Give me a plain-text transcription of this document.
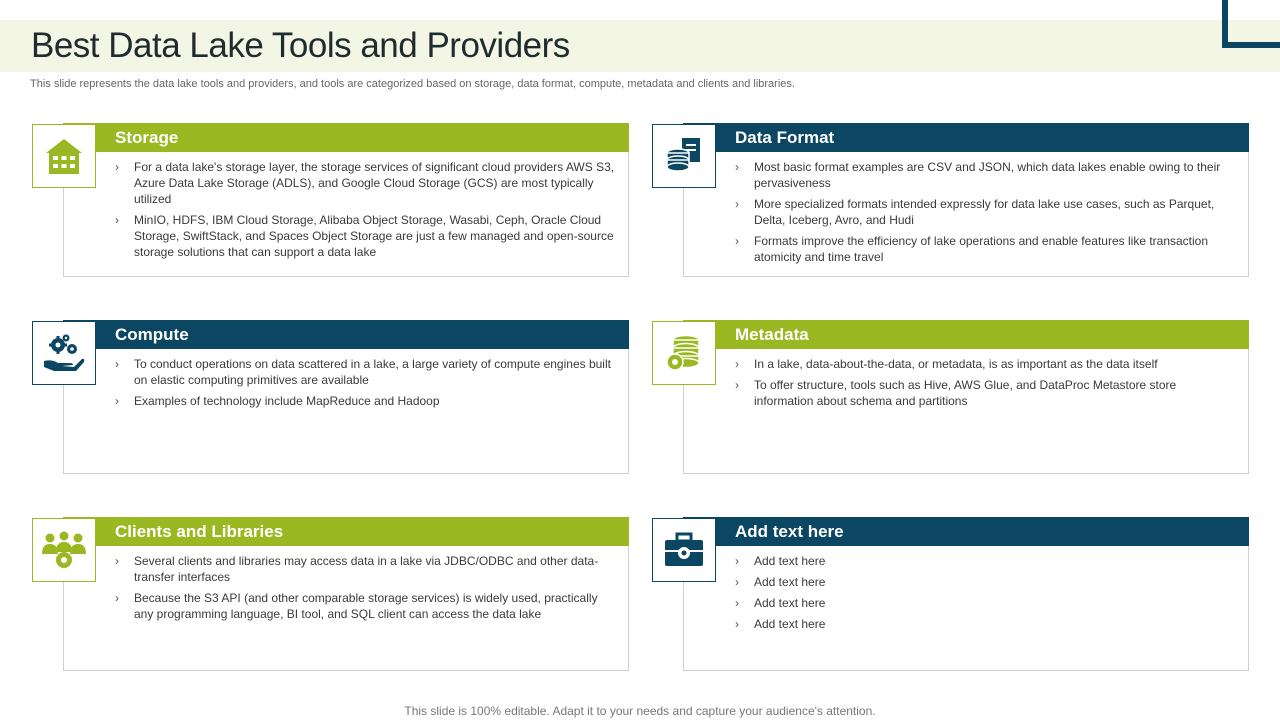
Best Data Lake Tools and Providers
This slide represents the data lake tools and providers, and tools are categorized based on storage, data format, compute, metadata and clients and libraries.
Storage
› For a data lake's storage layer, the storage services of significant cloud providers AWS S3, Azure Data Lake Storage (ADLS), and Google Cloud Storage (GCS) are most typically utilized
› MinIO, HDFS, IBM Cloud Storage, Alibaba Object Storage, Wasabi, Ceph, Oracle Cloud Storage, SwiftStack, and Spaces Object Storage are just a few managed and open-source storage solutions that can support a data lake
Data Format
› Most basic format examples are CSV and JSON, which data lakes enable owing to their pervasiveness
› More specialized formats intended expressly for data lake use cases, such as Parquet, Delta, Iceberg, Avro, and Hudi
› Formats improve the efficiency of lake operations and enable features like transaction atomicity and time travel
Compute
› To conduct operations on data scattered in a lake, a large variety of compute engines built on elastic computing primitives are available
› Examples of technology include MapReduce and Hadoop
Metadata
› In a lake, data-about-the-data, or metadata, is as important as the data itself
› To offer structure, tools such as Hive, AWS Glue, and DataProc Metastore store information about schema and partitions
Clients and Libraries
› Several clients and libraries may access data in a lake via JDBC/ODBC and other data-transfer interfaces
› Because the S3 API (and other comparable storage services) is widely used, practically any programming language, BI tool, and SQL client can access the data lake
Add text here
› Add text here
› Add text here
› Add text here
› Add text here
This slide is 100% editable. Adapt it to your needs and capture your audience's attention.
